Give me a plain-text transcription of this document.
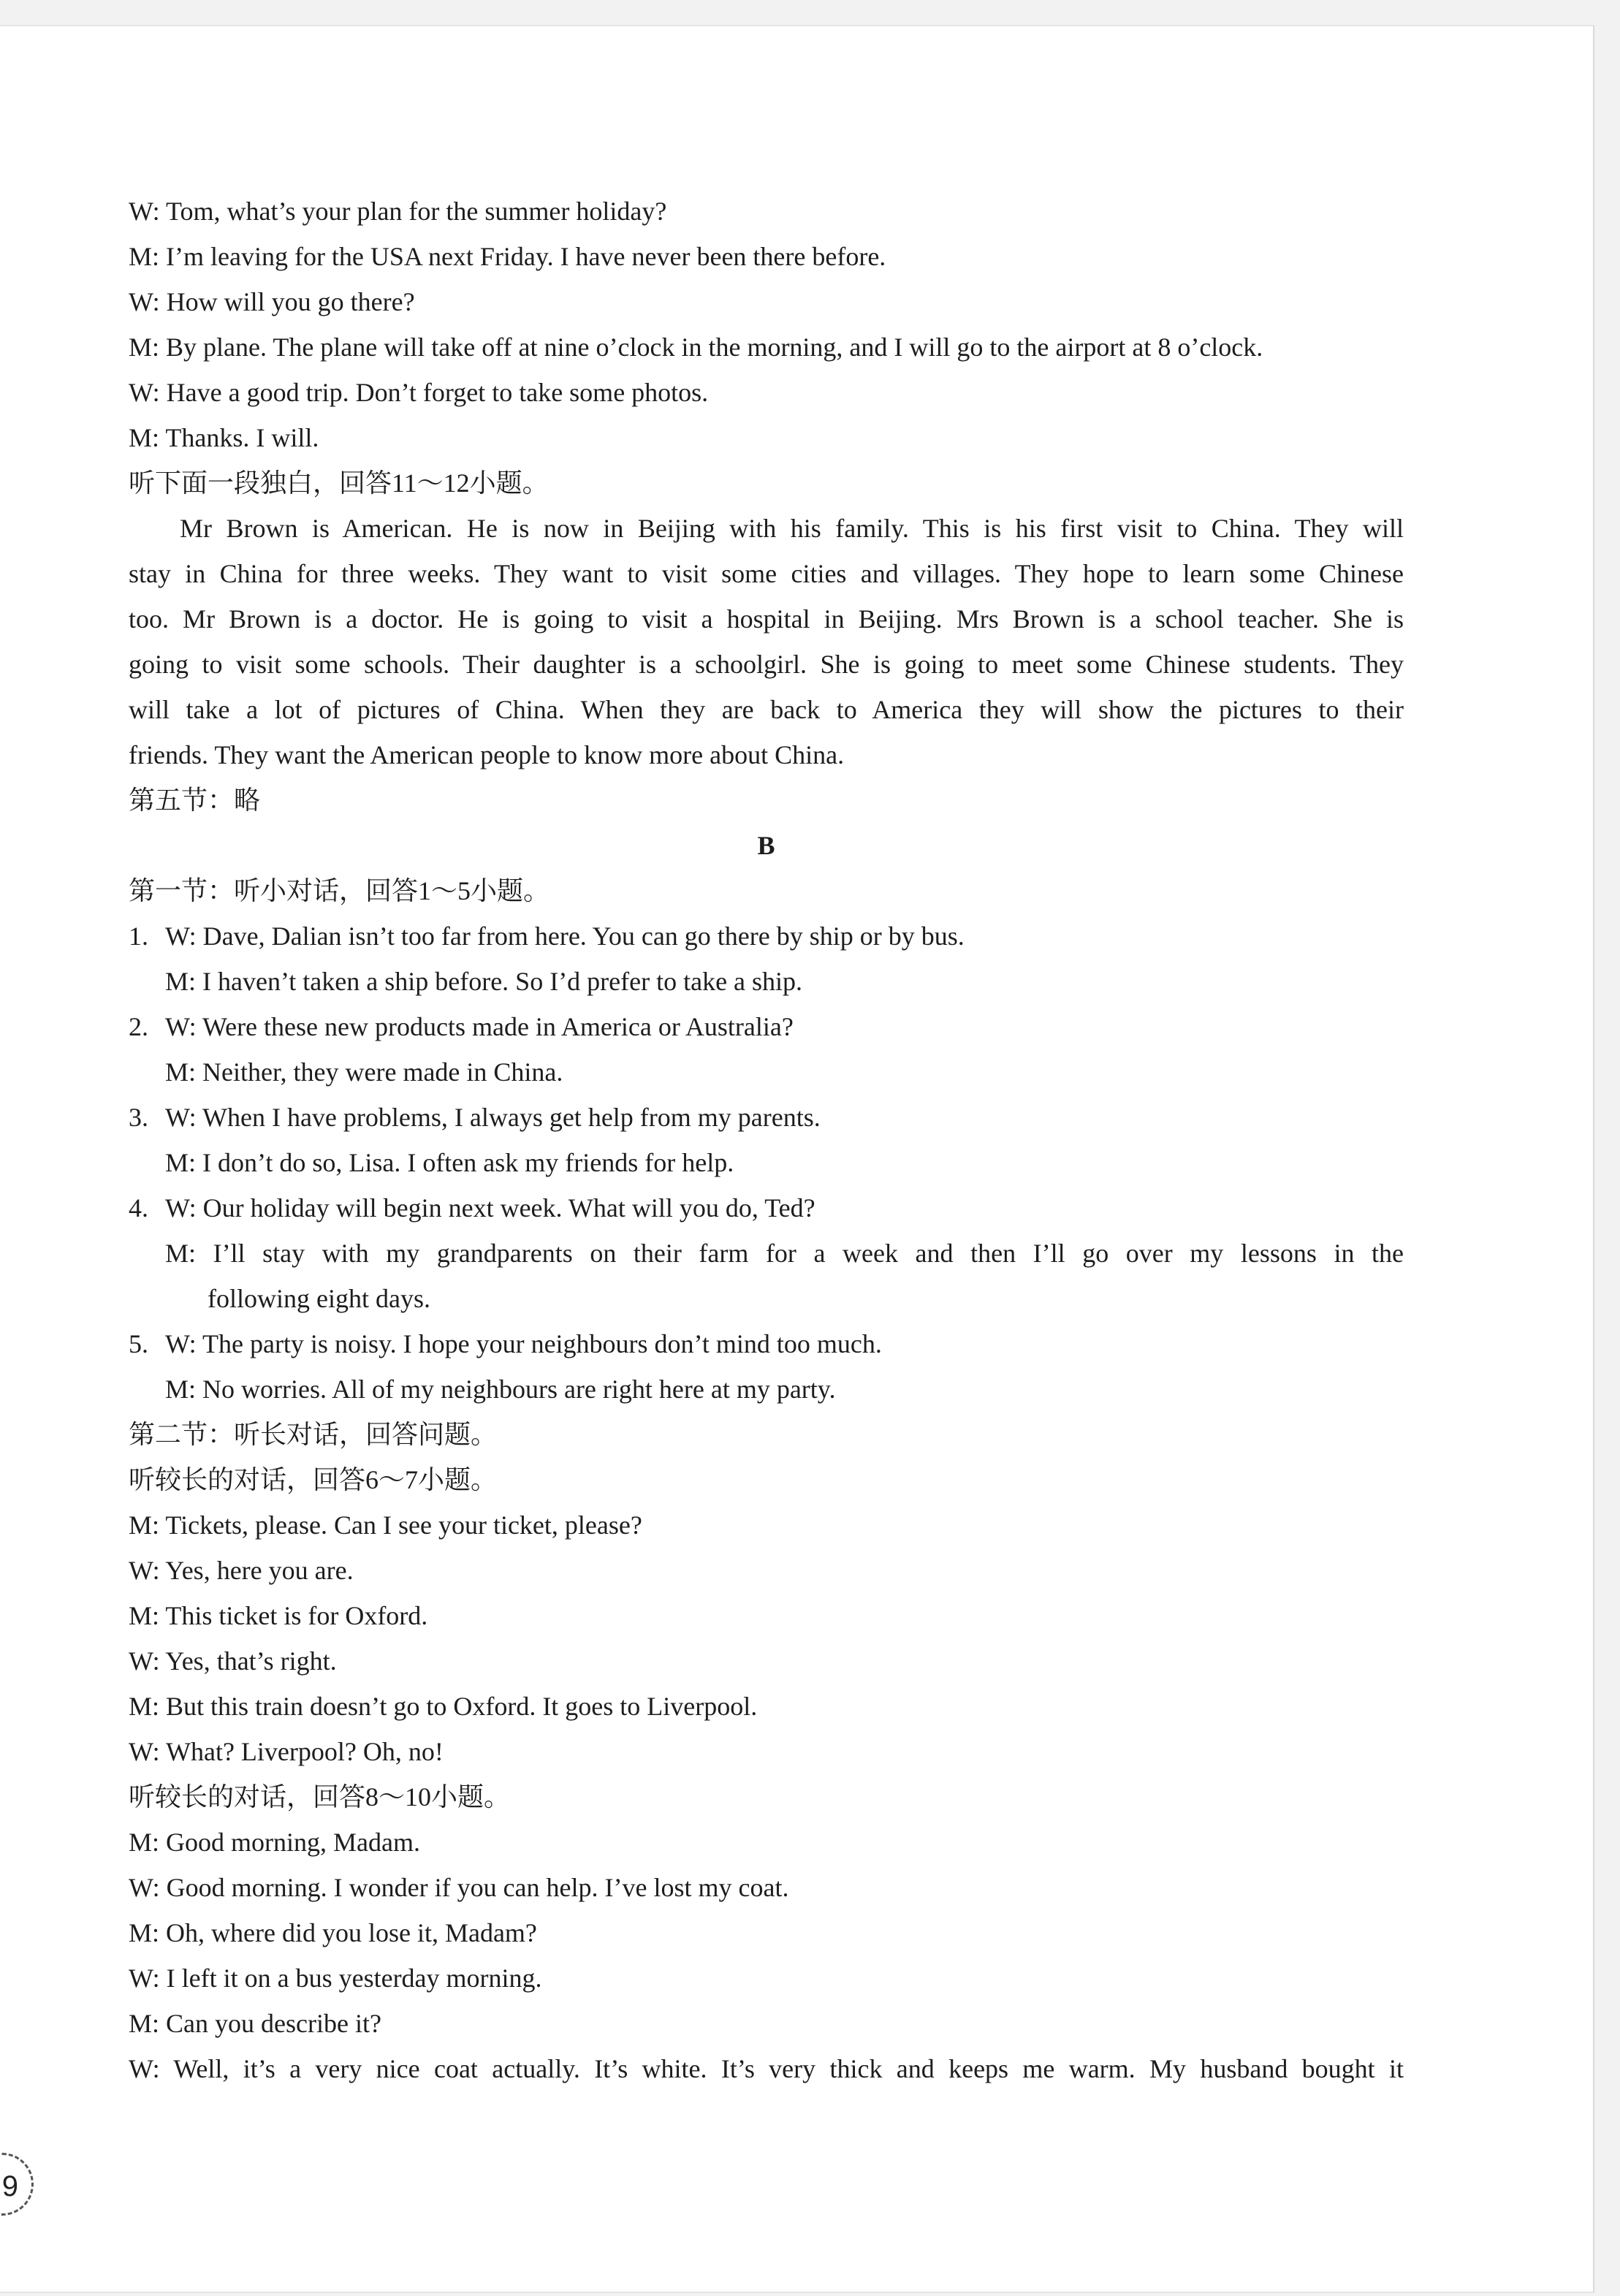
W: Tom, what’s your plan for the summer holiday?
M: I’m leaving for the USA next Friday. I have never been there before.
W: How will you go there?
M: By plane. The plane will take off at nine o’clock in the morning, and I will go to the airport at 8 o’clock.
W: Have a good trip. Don’t forget to take some photos.
M: Thanks. I will.
听下面一段独白，回答11～12小题。
Mr Brown is American. He is now in Beijing with his family. This is his first visit to China. They will
stay in China for three weeks. They want to visit some cities and villages. They hope to learn some Chinese
too. Mr Brown is a doctor. He is going to visit a hospital in Beijing. Mrs Brown is a school teacher. She is
going to visit some schools. Their daughter is a schoolgirl. She is going to meet some Chinese students. They
will take a lot of pictures of China. When they are back to America they will show the pictures to their
friends. They want the American people to know more about China.
第五节：略
B
第一节：听小对话，回答1～5小题。
1. W: Dave, Dalian isn’t too far from here. You can go there by ship or by bus.
M: I haven’t taken a ship before. So I’d prefer to take a ship.
2. W: Were these new products made in America or Australia?
M: Neither, they were made in China.
3. W: When I have problems, I always get help from my parents.
M: I don’t do so, Lisa. I often ask my friends for help.
4. W: Our holiday will begin next week. What will you do, Ted?
M: I’ll stay with my grandparents on their farm for a week and then I’ll go over my lessons in the
following eight days.
5. W: The party is noisy. I hope your neighbours don’t mind too much.
M: No worries. All of my neighbours are right here at my party.
第二节：听长对话，回答问题。
听较长的对话，回答6～7小题。
M: Tickets, please. Can I see your ticket, please?
W: Yes, here you are.
M: This ticket is for Oxford.
W: Yes, that’s right.
M: But this train doesn’t go to Oxford. It goes to Liverpool.
W: What? Liverpool? Oh, no!
听较长的对话，回答8～10小题。
M: Good morning, Madam.
W: Good morning. I wonder if you can help. I’ve lost my coat.
M: Oh, where did you lose it, Madam?
W: I left it on a bus yesterday morning.
M: Can you describe it?
W: Well, it’s a very nice coat actually. It’s white. It’s very thick and keeps me warm. My husband bought it
9
